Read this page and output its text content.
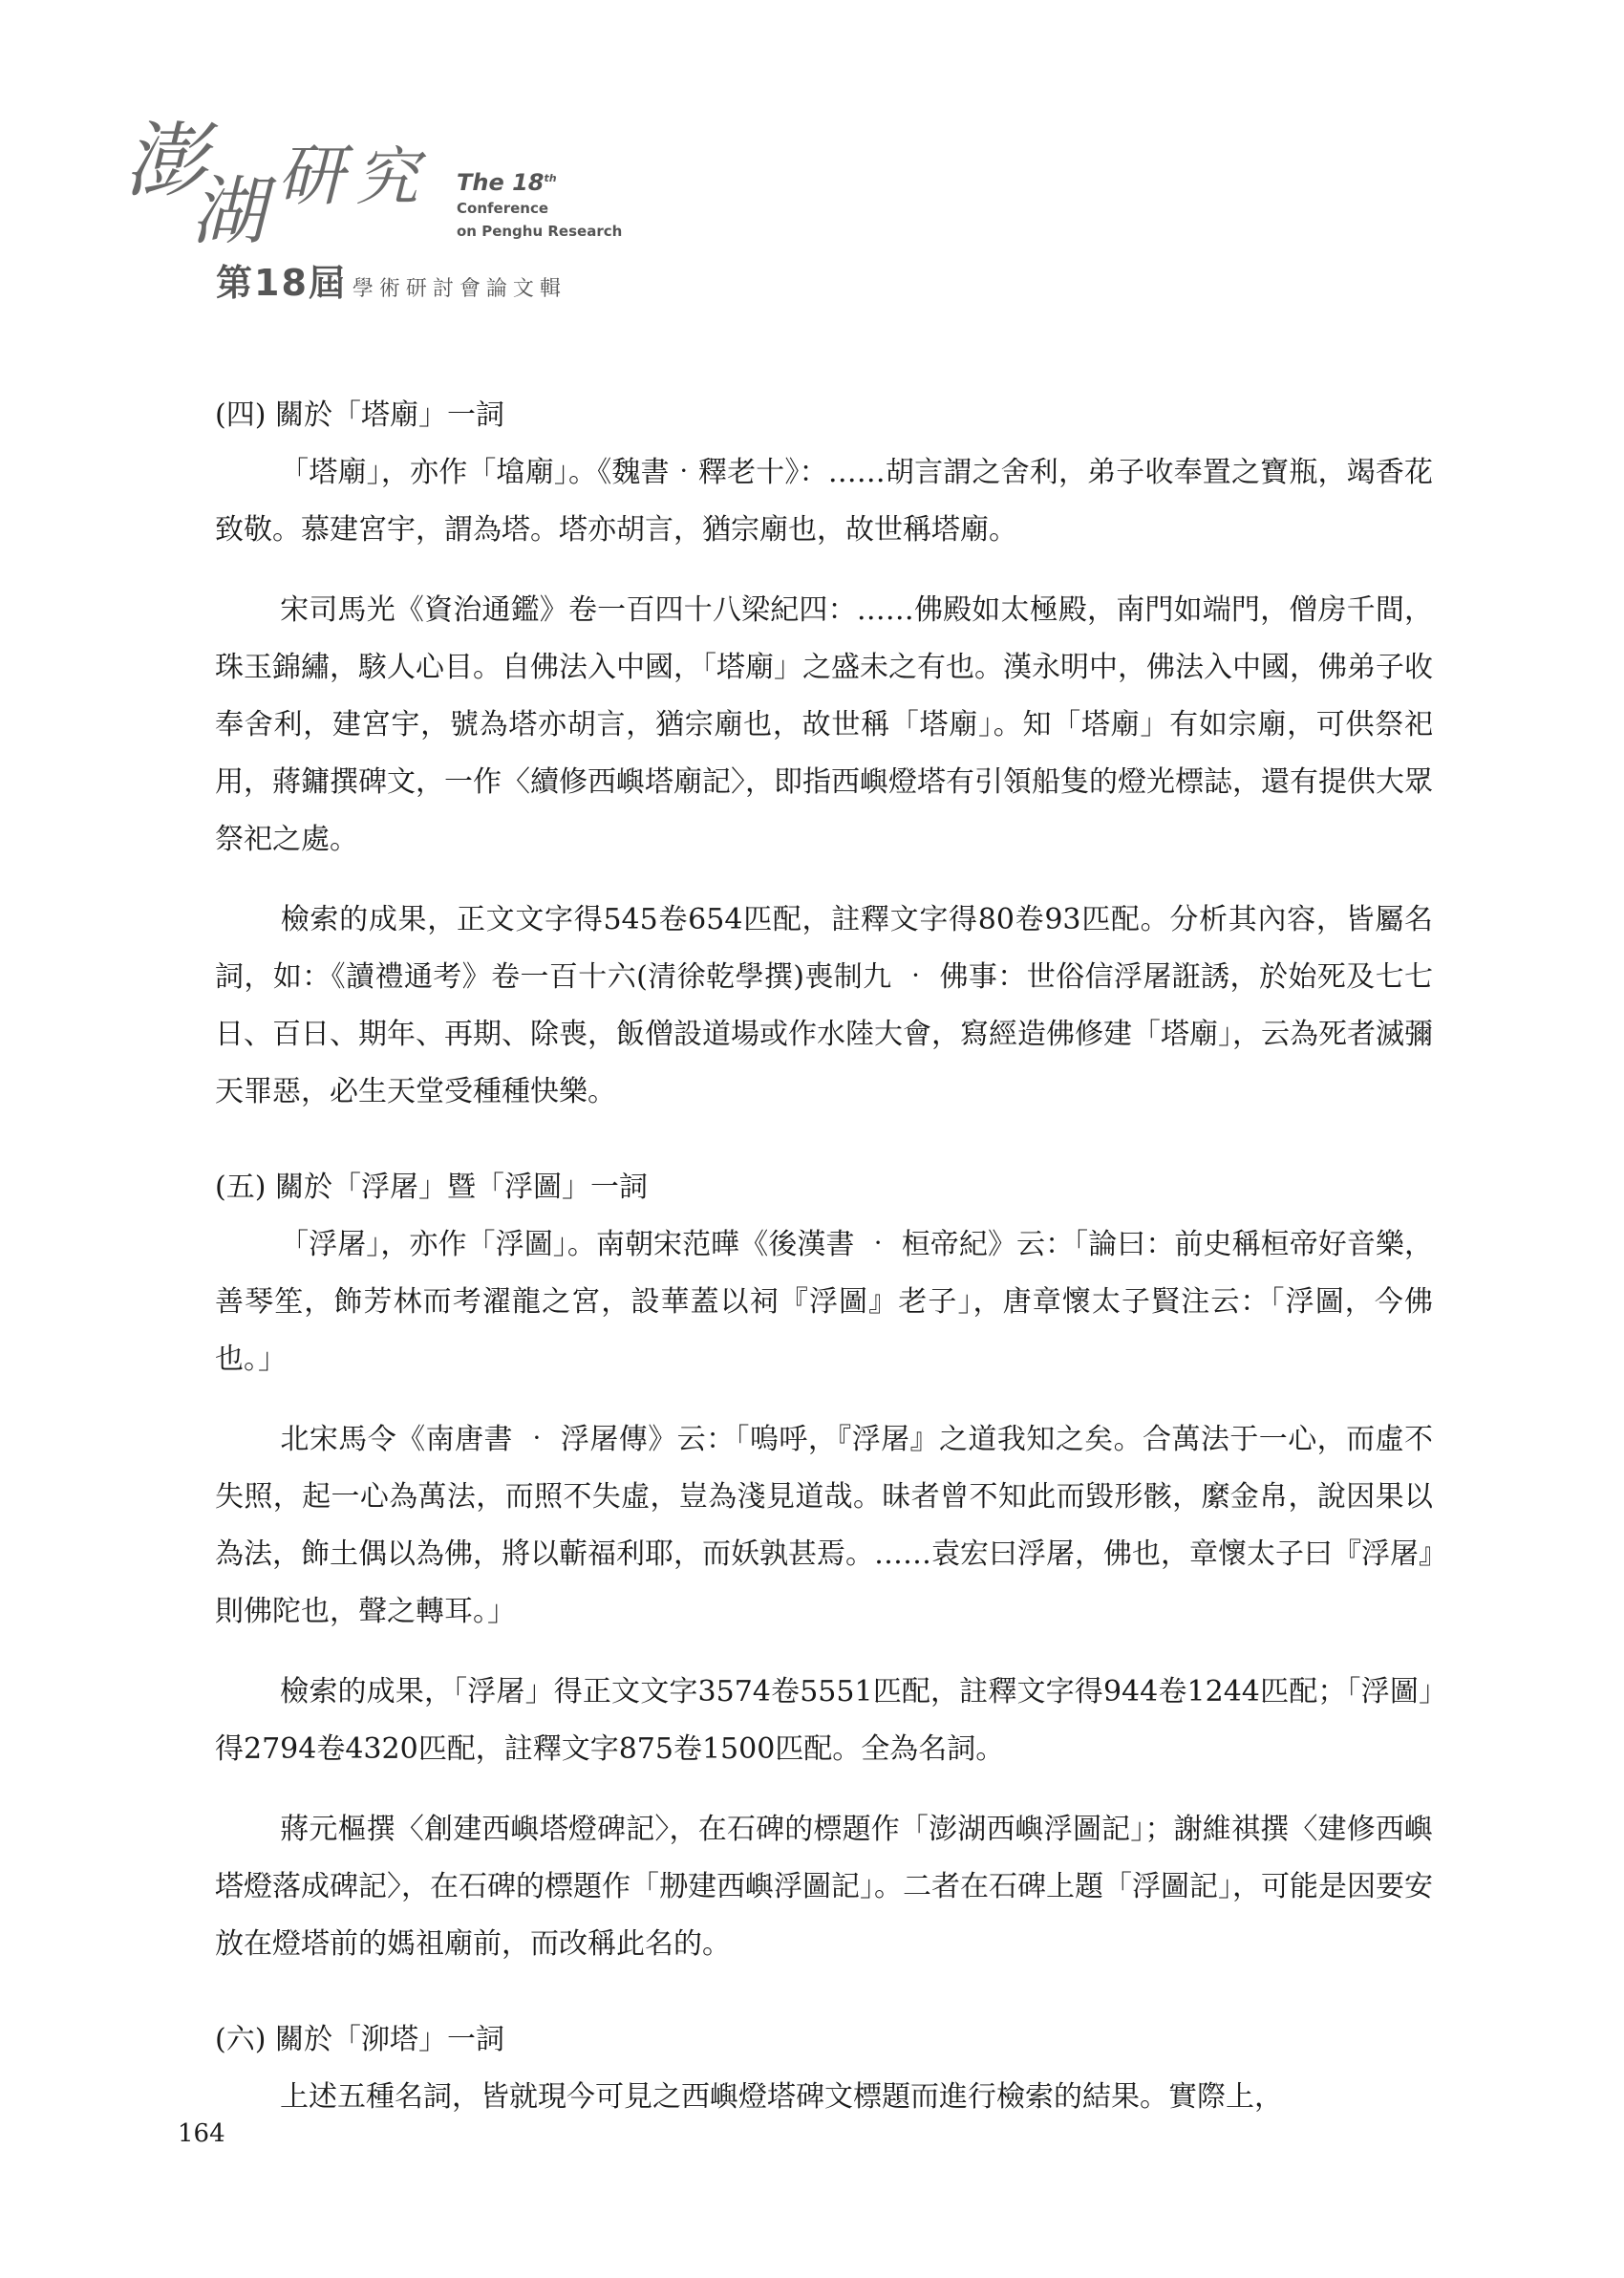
澎
湖 研 究	The 18th
Conference
on Penghu Research
第18屆 學術研討會論文輯
(四) 關於「塔廟」一詞

「塔廟」，亦作「墖廟」。《魏書‧釋老十》：……胡言謂之舍利，弟子收奉置之寶瓶，竭香花致敬。慕建宮宇，謂為塔。塔亦胡言，猶宗廟也，故世稱塔廟。

宋司馬光《資治通鑑》卷一百四十八梁紀四：……佛殿如太極殿，南門如端門，僧房千間，珠玉錦繡，駭人心目。自佛法入中國，「塔廟」之盛未之有也。漢永明中，佛法入中國，佛弟子收奉舍利，建宮宇，號為塔亦胡言，猶宗廟也，故世稱「塔廟」。知「塔廟」有如宗廟，可供祭祀用，蔣鏞撰碑文，一作〈續修西嶼塔廟記〉，即指西嶼燈塔有引領船隻的燈光標誌，還有提供大眾祭祀之處。

檢索的成果，正文文字得545卷654匹配，註釋文字得80卷93匹配。分析其內容，皆屬名詞，如：《讀禮通考》卷一百十六(清徐乾學撰)喪制九 ‧ 佛事：世俗信浮屠誑誘，於始死及七七日、百日、期年、再期、除喪，飯僧設道場或作水陸大會，寫經造佛修建「塔廟」，云為死者滅彌天罪惡，必生天堂受種種快樂。

(五) 關於「浮屠」暨「浮圖」一詞

「浮屠」，亦作「浮圖」。南朝宋范曄《後漢書 ‧ 桓帝紀》云：「論曰：前史稱桓帝好音樂，善琴笙，飾芳林而考濯龍之宮，設華蓋以祠『浮圖』老子」，唐章懷太子賢注云：「浮圖，今佛也。」

北宋馬令《南唐書 ‧ 浮屠傳》云：「嗚呼，『浮屠』之道我知之矣。合萬法于一心，而虛不失照，起一心為萬法，而照不失虛，豈為淺見道哉。昧者曾不知此而毀形骸，縻金帛，說因果以為法，飾土偶以為佛，將以蘄福利耶，而妖孰甚焉。……袁宏曰浮屠，佛也，章懷太子曰『浮屠』則佛陀也，聲之轉耳。」

檢索的成果，「浮屠」得正文文字3574卷5551匹配，註釋文字得944卷1244匹配；「浮圖」得2794卷4320匹配，註釋文字875卷1500匹配。全為名詞。

蔣元樞撰〈創建西嶼塔燈碑記〉，在石碑的標題作「澎湖西嶼浮圖記」；謝維祺撰〈建修西嶼塔燈落成碑記〉，在石碑的標題作「刱建西嶼浮圖記」。二者在石碑上題「浮圖記」，可能是因要安放在燈塔前的媽祖廟前，而改稱此名的。

(六) 關於「泖塔」一詞

上述五種名詞，皆就現今可見之西嶼燈塔碑文標題而進行檢索的結果。實際上，

164
